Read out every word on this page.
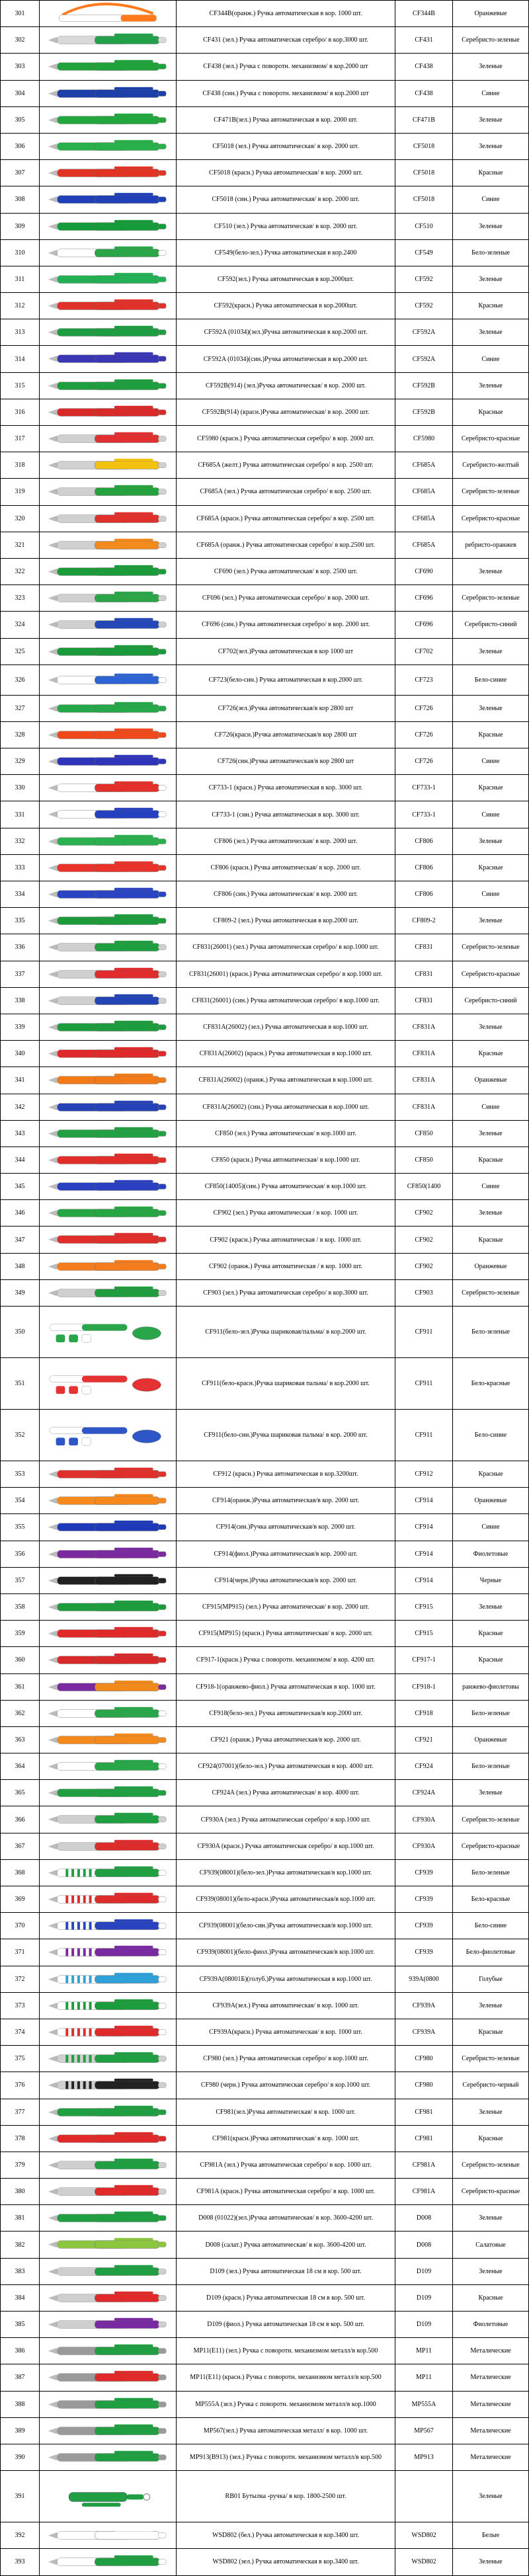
301		CF344B(оранж.) Ручка автоматическая в кор. 1000 шт.	CF344B	Оранжевые
302		CF431 (зел.) Ручка автоматическая серебро/ в кор.3000 шт.	CF431	Серебристо-зеленые
303		CF438 (зел.) Ручка с поворотн. механизмом/ в кор.2000 шт	CF438	Зеленые
304		CF438 (син.) Ручка с поворотн. механизмом/ в кор.2000 шт	CF438	Синие
305		CF471B(зел.) Ручка автоматическая в кор. 2000 шт.	CF471B	Зеленые
306		CF5018 (зел.) Ручка автоматическая/ в кор. 2000 шт.	CF5018	Зеленые
307		CF5018 (красн.) Ручка автоматическая/ в кор. 2000 шт.	CF5018	Красные
308		CF5018 (син.) Ручка автоматическая/ в кор. 2000 шт.	CF5018	Синие
309		CF510 (зел.) Ручка автоматическая/ в кор. 2000 шт.	CF510	Зеленые
310		CF549(бело-зел.) Ручка автоматическая в кор.2400	CF549	Бело-зеленые
311		CF592(зел.) Ручка автоматическая в кор.2000шт.	CF592	Зеленые
312		CF592(красн.) Ручка автоматическая в кор.2000шт.	CF592	Красные
313		CF592A (01034)(зел.)Ручка автоматическая в кор.2000 шт.	CF592A	Зеленые
314		CF592A (01034)(син.)Ручка автоматическая в кор.2000 шт.	CF592A	Синие
315		CF592B(914) (зел.)Ручка автоматическая/ в кор. 2000 шт.	CF592B	Зеленые
316		CF592B(914) (красн.)Ручка автоматическая/ в кор. 2000 шт.	CF592B	Красные
317		CF5980 (красн.) Ручка автоматическая серебро/ в кор. 2000 шт.	CF5980	Серебристо-красные
318		CF685A (желт.) Ручка автоматическая серебро/ в кор. 2500 шт.	CF685A	Серебристо-желтый
319		CF685A (зел.) Ручка автоматическая серебро/ в кор. 2500 шт.	CF685A	Серебристо-зеленые
320		CF685A (красн.) Ручка автоматическая серебро/ в кор. 2500 шт.	CF685A	Серебристо-красные
321		CF685A (оранж.) Ручка автоматическая серебро/ в кор.2500 шт.	CF685A	ребристо-оранжев
322		CF690 (зел.) Ручка автоматическая/ в кор. 2500 шт.	CF690	Зеленые
323		CF696 (зел.) Ручка автоматическая серебро/ в кор. 2000 шт.	CF696	Серебристо-зеленые
324		CF696 (син.) Ручка автоматическая серебро/ в кор. 2000 шт.	CF696	Серебристо-синий
325		CF702(зел.)Ручка автоматическая в кор 1000 шт	CF702	Зеленые
326		CF723(бело-син.) Ручка автоматическая в кор.2000 шт.	CF723	Бело-синие
327		CF726(зел.)Ручка автоматическая/в кор 2800 шт	CF726	Зеленые
328		CF726(красн.)Ручка автоматическая/в кор 2800 шт	CF726	Красные
329		CF726(син.)Ручка автоматическая/в кор 2800 шт	CF726	Синие
330		CF733-1 (красн.) Ручка автоматическая в кор. 3000 шт.	CF733-1	Красные
331		CF733-1 (син.) Ручка автоматическая в кор. 3000 шт.	CF733-1	Синие
332		CF806 (зел.) Ручка автоматическая/ в кор. 2000 шт.	CF806	Зеленые
333		CF806 (красн.) Ручка автоматическая/ в кор. 2000 шт.	CF806	Красные
334		CF806 (син.) Ручка автоматическая/ в кор. 2000 шт.	CF806	Синие
335		CF809-2 (зел.) Ручка автоматическая в кор.2000 шт.	CF809-2	Зеленые
336		CF831(26001) (зел.) Ручка автоматическая серебро/ в кор.1000 шт.	CF831	Серебристо-зеленые
337		CF831(26001) (красн.) Ручка автоматическая серебро/ в кор.1000 шт.	CF831	Серебристо-красные
338		CF831(26001) (син.) Ручка автоматическая серебро/ в кор.1000 шт.	CF831	Серебристо-синий
339		CF831A(26002) (зел.) Ручка автоматическая в кор.1000 шт.	CF831A	Зеленые
340		CF831A(26002) (красн.) Ручка автоматическая в кор.1000 шт.	CF831A	Красные
341		CF831A(26002) (оранж.) Ручка автоматическая в кор.1000 шт.	CF831A	Оранжевые
342		CF831A(26002) (син.) Ручка автоматическая в кор.1000 шт.	CF831A	Синие
343		CF850 (зел.) Ручка автоматическая/ в кор.1000 шт.	CF850	Зеленые
344		CF850 (красн.) Ручка автоматическая/ в кор.1000 шт.	CF850	Красные
345		CF850(14005)(син.) Ручка автоматическая/ в кор.1000 шт.	CF850(1400	Синие
346		CF902 (зел.) Ручка автоматическая / в кор. 1000 шт.	CF902	Зеленые
347		CF902 (красн.) Ручка автоматическая / в кор. 1000 шт.	CF902	Красные
348		CF902 (оранж.) Ручка автоматическая / в кор. 1000 шт.	CF902	Оранжевые
349		CF903 (зел.) Ручка автоматическая серебро/ в кор.3000 шт.	CF903	Серебристо-зеленые
350		CF911(бело-зел.)Ручка шариковая/пальма/ в кор.2000 шт.	CF911	Бело-зеленые
351		CF911(бело-красн.)Ручка шариковая пальма/ в кор.2000 шт.	CF911	Бело-красные
352		CF911(бело-син.)Ручка шариковая пальма/ в кор. 2000 шт.	CF911	Бело-синие
353		CF912 (красн.) Ручка автоматическая в кор.3200шт.	CF912	Красные
354		CF914(оранж.)Ручка автоматическая/в кор. 2000 шт.	CF914	Оранжевые
355		CF914(син.)Ручка автоматическая/в кор. 2000 шт.	CF914	Синие
356		CF914(фиол.)Ручка автоматическая/в кор. 2000 шт.	CF914	Фиолетовые
357		CF914(черн.)Ручка автоматическая/в кор. 2000 шт.	CF914	Черные
358		CF915(MP915) (зел.) Ручка автоматическая/ в кор. 2000 шт.	CF915	Зеленые
359		CF915(MP915) (красн.) Ручка автоматическая/ в кор. 2000 шт.	CF915	Красные
360		CF917-1(красн.) Ручка с поворотн. механизмом/ в кор. 4200 шт.	CF917-1	Красные
361		CF918-1(оранжево-фиол.) Ручка автоматическая в кор. 1000 шт.	CF918-1	ранжево-фиолетовы
362		CF918(бело-зел.) Ручка автоматическая/в кор.2000 шт.	CF918	Бело-зеленые
363		CF921 (оранж.) Ручка автоматическая/в кор. 2000 шт.	CF921	Оранжевые
364		CF924(07001)(бело-зел.) Ручка автоматическая в кор. 4000 шт.	CF924	Бело-зеленые
365		CF924A (зел.) Ручка автоматическая/ в кор. 4000 шт.	CF924A	Зеленые
366		CF930A (зел.) Ручка автоматическая серебро/ в кор.1000 шт.	CF930A	Серебристо-зеленые
367		CF930A (красн.) Ручка автоматическая серебро/ в кор.1000 шт.	CF930A	Серебристо-красные
368		CF939(08001)(бело-зел.)Ручка автоматическая/в кор.1000 шт.	CF939	Бело-зеленые
369		CF939(08001)(бело-красн.)Ручка автоматическая/в кор.1000 шт.	CF939	Бело-красные
370		CF939(08001)(бело-син.)Ручка автоматическая/в кор.1000 шт.	CF939	Бело-синие
371		CF939(08001)(бело-фиол.)Ручка автоматическая/в кор.1000 шт.	CF939	Бело-фиолетовые
372		CF939A(08001Б)(голуб.)Ручка автоматическая в кор.1000 шт.	939A(0800	Голубые
373		CF939A(зел.) Ручка автоматическая/ в кор. 1000 шт.	CF939A	Зеленые
374		CF939A(красн.) Ручка автоматическая/ в кор. 1000 шт.	CF939A	Красные
375		CF980 (зел.) Ручка автоматическая серебро/ в кор.1000 шт.	CF980	Серебристо-зеленые
376		CF980 (черн.) Ручка автоматическая серебро/ в кор.1000 шт.	CF980	Серебристо-черный
377		CF981(зел.)Ручка автоматическая/ в кор. 1000 шт.	CF981	Зеленые
378		CF981(красн.)Ручка автоматическая/ в кор. 1000 шт.	CF981	Красные
379		CF981A (зел.) Ручка автоматическая серебро/ в кор. 1000 шт.	CF981A	Серебристо-зеленые
380		CF981A (красн.) Ручка автоматическая серебро/ в кор. 1000 шт.	CF981A	Серебристо-красные
381		D008 (01022)(зел.)Ручка автоматическая/ в кор. 3600-4200 шт.	D008	Зеленые
382		D008 (салат.) Ручка автоматическая/ в кор. 3600-4200 шт.	D008	Салатовые
383		D109 (зел.) Ручка автоматическая 18 см в кор. 500 шт.	D109	Зеленые
384		D109 (красн.) Ручка автоматическая 18 см в кор. 500 шт.	D109	Красные
385		D109 (фиол.) Ручка автоматическая 18 см в кор. 500 шт.	D109	Фиолетовые
386		MP11(E11) (зел.) Ручка с поворотн. механизмом металл/в кор.500	MP11	Металические
387		MP11(E11) (красн.) Ручка с поворотн. механизмом металл/в кор.500	MP11	Металические
388		MP555A (зел.) Ручка с поворотн. механизмом металл/в кор.1000	MP555A	Металические
389		MP567(зел.) Ручка автоматическая металл/ в кор. 1000 шт.	MP567	Металические
390		MP913(B913) (зел.) Ручка с поворотн. механизмом металл/в кор.500	MP913	Металические
391		RB01 Бутылка -ручка/ в кор. 1800-2500 шт.		Зеленые
392		WSD802 (бел.) Ручка автоматическая в кор.3400 шт.	WSD802	Белые
393		WSD802 (зел.) Ручка автоматическая в кор.3400 шт.	WSD802	Зеленые
